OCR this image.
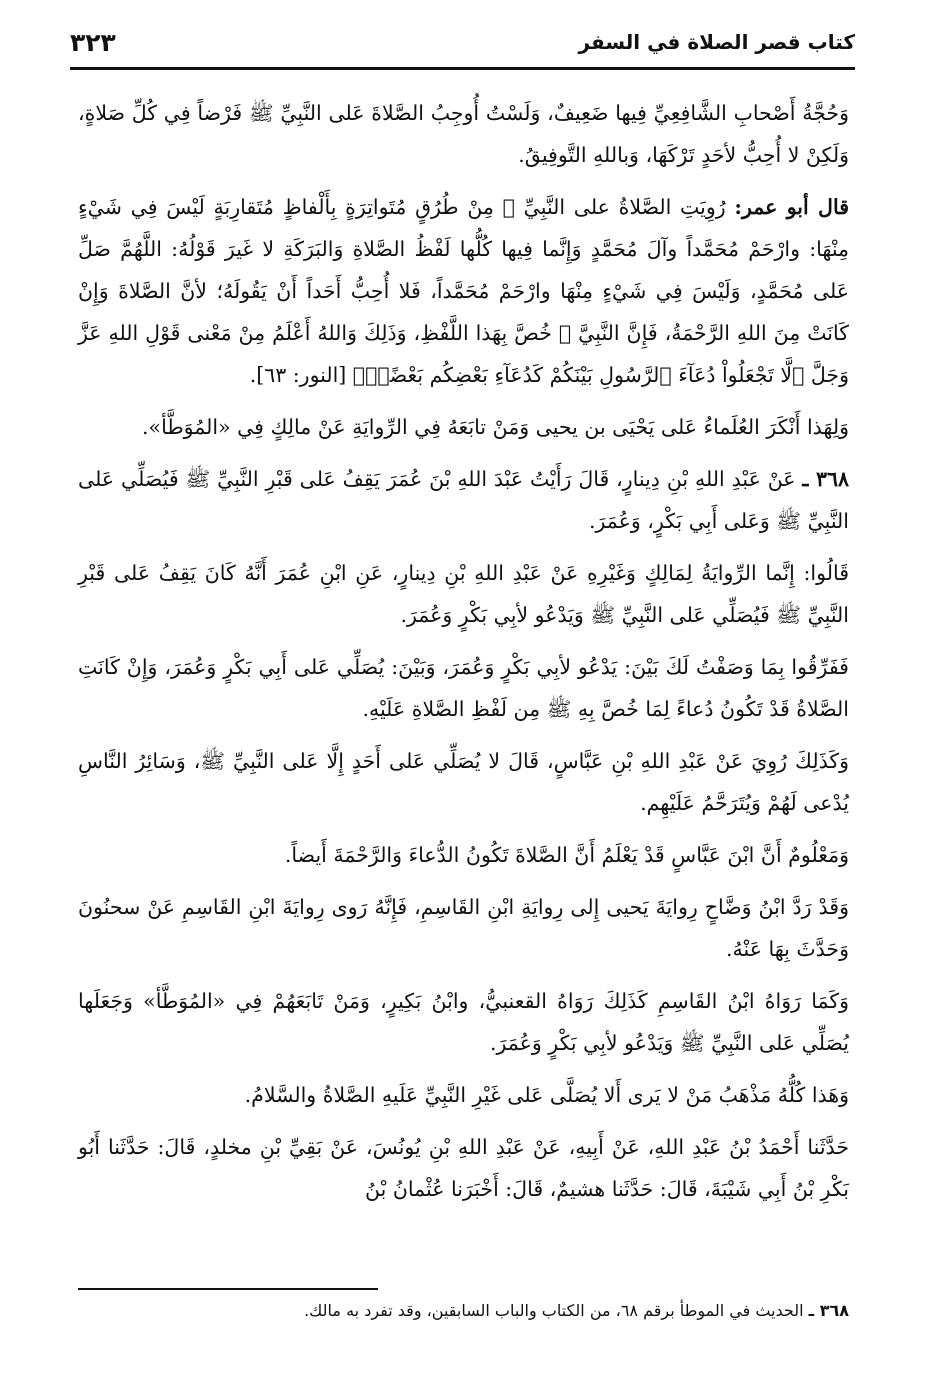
كتاب قصر الصلاة في السفر
٣٢٣

وَحُجَّةُ أَصْحابِ الشَّافِعِيِّ فِيها ضَعِيفٌ، وَلَسْتُ أُوجِبُ الصَّلاةَ عَلى النَّبِيِّ ﷺ فَرْضاً فِي كُلِّ صَلاةٍ، وَلَكِنْ لا أُحِبُّ لأحَدٍ تَرْكَهَا، وَباللهِ التَّوفِيقُ.

قال أبو عمر: رُوِيَتِ الصَّلاةُ على النَّبِيِّ ﷺ مِنْ طُرُقٍ مُتَواتِرَةٍ بِأَلْفاظٍ مُتَقارِبَةٍ لَيْسَ فِي شَيْءٍ مِنْهَا: وارْحَمْ مُحَمَّداً وآلَ مُحَمَّدٍ وَإِنَّما فِيها كُلُّها لَفْظُ الصَّلاةِ وَالبَرَكَةِ لا غَيرَ قَوْلُهُ: اللَّهُمَّ صَلِّ عَلى مُحَمَّدٍ، وَلَيْسَ فِي شَيْءٍ مِنْهَا وارْحَمْ مُحَمَّداً، فَلا أُحِبُّ أَحَداً أَنْ يَقُولَهُ؛ لأنَّ الصَّلاةَ وَإِنْ كَانَتْ مِنَ اللهِ الرَّحْمَةُ، فَإِنَّ النَّبِيَّ ﷺ خُصَّ بِهَذا اللَّفْظِ، وَذَلِكَ وَاللهُ أَعْلَمُ مِنْ مَعْنى قَوْلِ اللهِ عَزَّ وَجَلَّ ﴿لَّا تَجْعَلُواْ دُعَآءَ ٱلرَّسُولِ بَيْنَكُمْ كَدُعَآءِ بَعْضِكُم بَعْضًاۚ﴾ [النور: ٦٣].

وَلِهَذا أَنْكَرَ العُلَماءُ عَلى يَحْيَى بن يحيى وَمَنْ تابَعَهُ فِي الرِّوايَةِ عَنْ مالِكٍ فِي «المُوَطَّأ».

٣٦٨ ـ عَنْ عَبْدِ اللهِ بْنِ دِينارٍ، قَالَ رَأَيْتُ عَبْدَ اللهِ بْنَ عُمَرَ يَقِفُ عَلى قَبْرِ النَّبِيِّ ﷺ فَيُصَلِّي عَلى النَّبِيِّ ﷺ وَعَلى أَبِي بَكْرٍ، وَعُمَرَ.

قَالُوا: إِنَّما الرِّوايَةُ لِمَالِكٍ وَغَيْرِهِ عَنْ عَبْدِ اللهِ بْنِ دِينارٍ، عَنِ ابْنِ عُمَرَ أَنَّهُ كَانَ يَقِفُ عَلى قَبْرِ النَّبِيِّ ﷺ فَيُصَلِّي عَلى النَّبِيِّ ﷺ وَيَدْعُو لأبِي بَكْرٍ وَعُمَرَ.

فَفَرِّقُوا بِمَا وَصَفْتُ لَكَ بَيْنَ: يَدْعُو لأبِي بَكْرٍ وَعُمَرَ، وَبَيْنَ: يُصَلِّي عَلى أَبِي بَكْرٍ وَعُمَرَ، وَإِنْ كَانَتِ الصَّلاةُ قَدْ تَكُونُ دُعاءً لِمَا خُصَّ بِهِ ﷺ مِن لَفْظِ الصَّلاةِ عَلَيْهِ.

وَكَذَلِكَ رُوِيَ عَنْ عَبْدِ اللهِ بْنِ عَبَّاسٍ، قَالَ لا يُصَلِّي عَلى أَحَدٍ إِلَّا عَلى النَّبِيِّ ﷺ، وَسَائِرُ النَّاسِ يُدْعى لَهُمْ وَيُتَرَحَّمُ عَلَيْهِم.

وَمَعْلُومٌ أَنَّ ابْنَ عَبَّاسٍ قَدْ يَعْلَمُ أَنَّ الصَّلاةَ تَكُونُ الدُّعاءَ وَالرَّحْمَةَ أَيضاً.

وَقَدْ رَدَّ ابْنُ وَضَّاحٍ رِوايَةَ يَحيى إِلى رِوايَةِ ابْنِ القَاسِمِ، فَإِنَّهُ رَوى رِوايَةَ ابْنِ القَاسِمِ عَنْ سحنُونَ وَحَدَّثَ بِهَا عَنْهُ.

وَكَمَا رَوَاهُ ابْنُ القَاسِمِ كَذَلِكَ رَوَاهُ القعنبيُّ، وابْنُ بَكِيرٍ، وَمَنْ تَابَعَهُمْ فِي «المُوَطَّأ» وَجَعَلَها يُصَلِّي عَلى النَّبِيِّ ﷺ وَيَدْعُو لأبِي بَكْرٍ وَعُمَرَ.

وَهَذا كُلُّهُ مَذْهَبُ مَنْ لا يَرى أَلا يُصَلَّى عَلى غَيْرِ النَّبِيِّ عَلَيهِ الصَّلاةُ والسَّلامُ.

حَدَّثَنا أَحْمَدُ بْنُ عَبْدِ اللهِ، عَنْ أَبِيهِ، عَنْ عَبْدِ اللهِ بْنِ يُونُسَ، عَنْ بَقِيِّ بْنِ مخلدٍ، قَالَ: حَدَّثَنا أَبُو بَكْرِ بْنُ أَبِي شَيْبَةَ، قَالَ: حَدَّثَنا هشيمٌ، قَالَ: أَخْبَرَنا عُثْمانُ بْنُ

٣٦٨ ـ الحديث في الموطأ برقم ٦٨، من الكتاب والباب السابقين، وقد تفرد به مالك.
